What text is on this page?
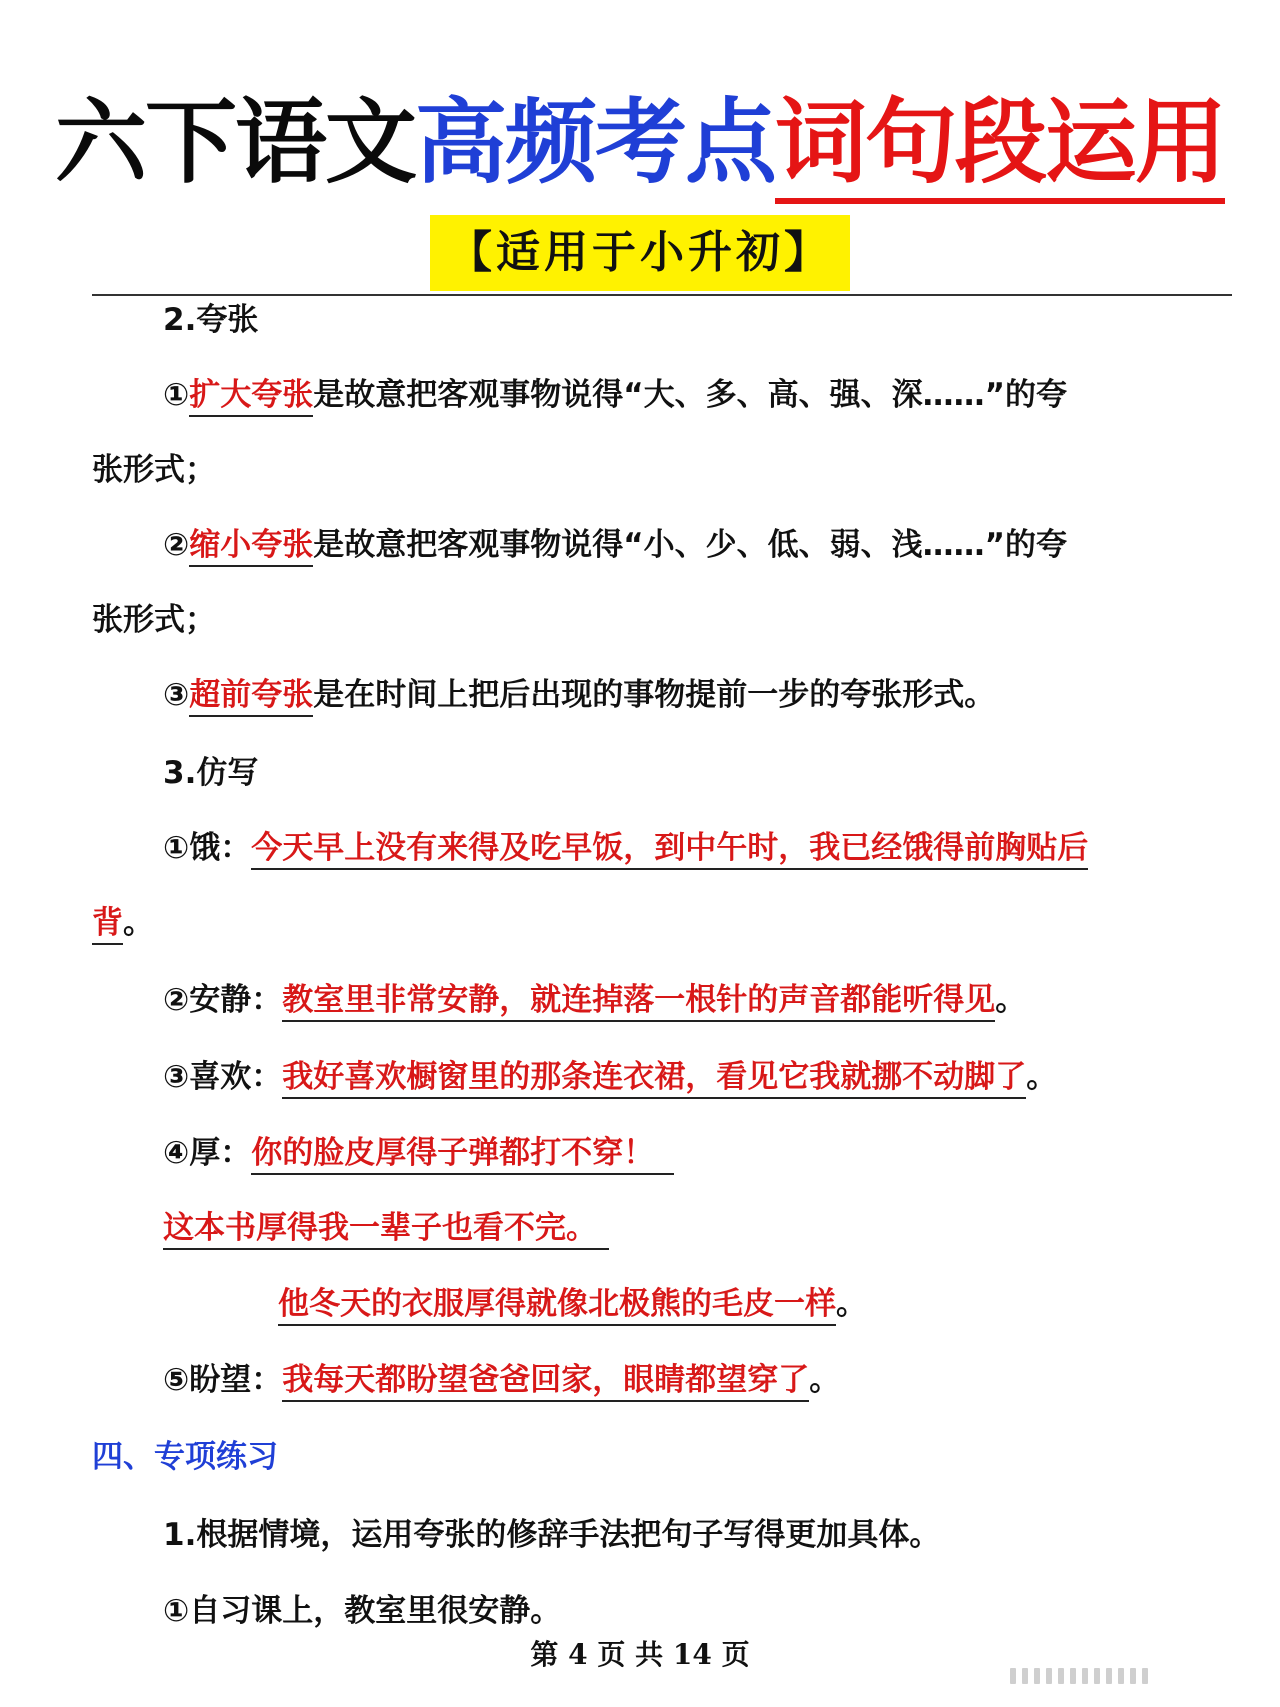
六下语文高频考点词句段运用
【适用于小升初】
2.夸张
①扩大夸张是故意把客观事物说得“大、多、高、强、深……”的夸
张形式；
②缩小夸张是故意把客观事物说得“小、少、低、弱、浅……”的夸
张形式；
③超前夸张是在时间上把后出现的事物提前一步的夸张形式。
3.仿写
①饿：今天早上没有来得及吃早饭，到中午时，我已经饿得前胸贴后
背。
②安静：教室里非常安静，就连掉落一根针的声音都能听得见。
③喜欢：我好喜欢橱窗里的那条连衣裙，看见它我就挪不动脚了。
④厚：你的脸皮厚得子弹都打不穿！
这本书厚得我一辈子也看不完。
他冬天的衣服厚得就像北极熊的毛皮一样。
⑤盼望：我每天都盼望爸爸回家，眼睛都望穿了。
四、专项练习
1.根据情境，运用夸张的修辞手法把句子写得更加具体。
①自习课上，教室里很安静。
第 4 页 共 14 页
